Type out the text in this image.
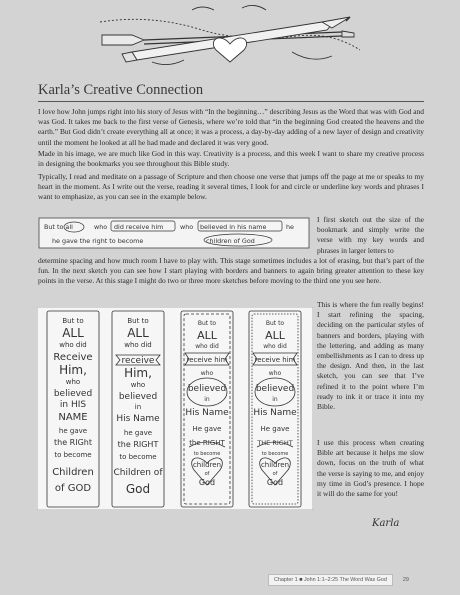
Karla’s Creative Connection

I love how John jumps right into his story of Jesus with “In the beginning…” describing Jesus as the Word that was with God and was God. It takes me back to the first verse of Genesis, where we’re told that “in the beginning God created the heavens and the earth.” But God didn’t create everything all at once; it was a process, a day-by-day adding of a new layer of design and creativity until the moment he looked at all he had made and declared it was very good.

Made in his image, we are much like God in this way. Creativity is a process, and this week I want to share my creative process in designing the bookmarks you see throughout this Bible study.

Typically, I read and meditate on a passage of Scripture and then choose one verse that jumps off the page at me or speaks to my heart in the moment. As I write out the verse, reading it several times, I look for and circle or underline key words and phrases I want to emphasize, as you can see in the example below.

But to all	who did receive him	who believed in his name	he
he gave the right to become	children of God

I first sketch out the size of the bookmark and simply write the verse with my key words and phrases in larger letters to

determine spacing and how much room I have to play with. This stage sometimes includes a lot of erasing, but that’s part of the fun. In the next sketch you can see how I start playing with borders and banners to again bring greater attention to these key points in the verse. At this stage I might do two or three more sketches before moving to the third one you see here.

But to
ALL
who did
Receive
Him,
who
believed
in HIS
NAME
he gave
the RIGht
to become
Children
of GOD
But to
ALL
who did
receive
Him,
who
believed
in
His Name
he gave
the RIGHT
to become
Children of
God
But to
ALL
who did
receive him
who
believed
in
His Name
He gave
the RIGHT
to become
children
of
God
But to
ALL
who did
receive him
who
believed
in
His Name
He gave
THE RIGHT
to become
children
of
God

This is where the fun really begins! I start refining the spacing, deciding on the particular styles of banners and borders, playing with the lettering, and adding as many embellishments as I can to dress up the design. And then, in the last sketch, you can see that I’ve refined it to the point where I’m ready to ink it or trace it into my Bible.

I use this process when creating Bible art because it helps me slow down, focus on the truth of what the verse is saying to me, and enjoy my time in God’s presence. I hope it will do the same for you!

Karla
Chapter 1 ■ John 1:1–2:25 The Word Was God	29
